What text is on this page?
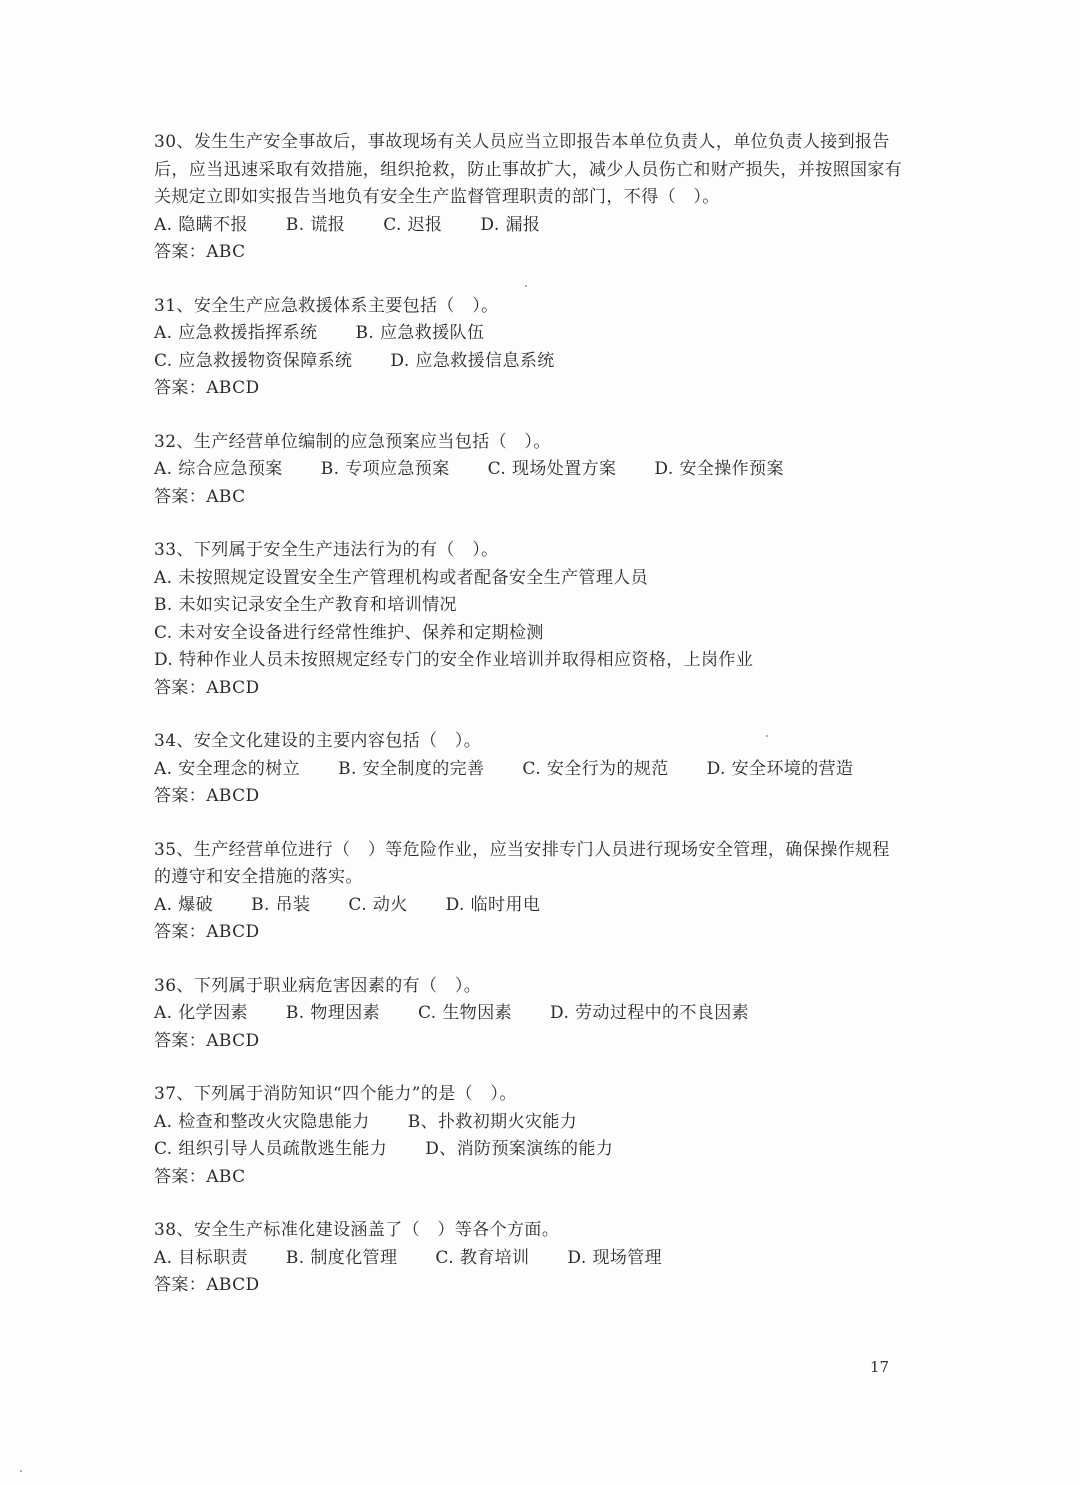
30、发生生产安全事故后，事故现场有关人员应当立即报告本单位负责人，单位负责人接到报告后，应当迅速采取有效措施，组织抢救，防止事故扩大，减少人员伤亡和财产损失，并按照国家有关规定立即如实报告当地负有安全生产监督管理职责的部门，不得（　）。

A. 隐瞒不报 B. 谎报 C. 迟报 D. 漏报

答案：ABC

31、安全生产应急救援体系主要包括（　）。

A. 应急救援指挥系统 B. 应急救援队伍

C. 应急救援物资保障系统 D. 应急救援信息系统

答案：ABCD

32、生产经营单位编制的应急预案应当包括（　）。

A. 综合应急预案 B. 专项应急预案 C. 现场处置方案 D. 安全操作预案

答案：ABC

33、下列属于安全生产违法行为的有（　）。

A. 未按照规定设置安全生产管理机构或者配备安全生产管理人员

B. 未如实记录安全生产教育和培训情况

C. 未对安全设备进行经常性维护、保养和定期检测

D. 特种作业人员未按照规定经专门的安全作业培训并取得相应资格，上岗作业

答案：ABCD

34、安全文化建设的主要内容包括（　）。

A. 安全理念的树立 B. 安全制度的完善 C. 安全行为的规范 D. 安全环境的营造

答案：ABCD

35、生产经营单位进行（　）等危险作业，应当安排专门人员进行现场安全管理，确保操作规程的遵守和安全措施的落实。

A. 爆破 B. 吊装 C. 动火 D. 临时用电

答案：ABCD

36、下列属于职业病危害因素的有（　）。

A. 化学因素 B. 物理因素 C. 生物因素 D. 劳动过程中的不良因素

答案：ABCD

37、下列属于消防知识“四个能力”的是（　）。

A. 检查和整改火灾隐患能力 B、扑救初期火灾能力

C. 组织引导人员疏散逃生能力 D、消防预案演练的能力

答案：ABC

38、安全生产标准化建设涵盖了（　）等各个方面。

A. 目标职责 B. 制度化管理 C. 教育培训 D. 现场管理

答案：ABCD

17
